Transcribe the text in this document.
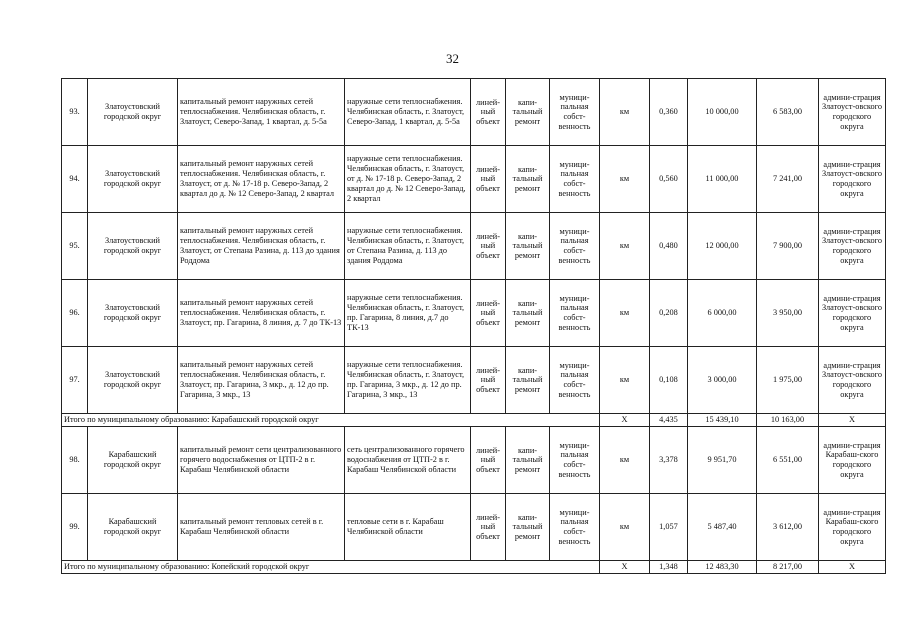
32
93.	Златоустовский городской округ	капитальный ремонт наружных сетей теплоснабжения. Челябинская область, г. Златоуст, Северо-Запад, 1 квартал, д. 5-5а	наружные сети теплоснабжения. Челябинская область, г. Златоуст, Северо-Запад, 1 квартал, д. 5-5а	линей-ный объект	капи-тальный ремонт	муници-пальная собст-венность	км	0,360	10 000,00	6 583,00	админи-страция Златоуст-овского городского округа
94.	Златоустовский городской округ	капитальный ремонт наружных сетей теплоснабжения. Челябинская область, г. Златоуст, от д. № 17-18 р. Северо-Запад, 2 квартал до д. № 12 Северо-Запад, 2 квартал	наружные сети теплоснабжения. Челябинская область, г. Златоуст, от д. № 17-18 р. Северо-Запад, 2 квартал до д. № 12 Северо-Запад, 2 квартал	линей-ный объект	капи-тальный ремонт	муници-пальная собст-венность	км	0,560	11 000,00	7 241,00	админи-страция Златоуст-овского городского округа
95.	Златоустовский городской округ	капитальный ремонт наружных сетей теплоснабжения. Челябинская область, г. Златоуст, от Степана Разина, д. 113 до здания Роддома	наружные сети теплоснабжения. Челябинская область, г. Златоуст, от Степана Разина, д. 113 до здания Роддома	линей-ный объект	капи-тальный ремонт	муници-пальная собст-венность	км	0,480	12 000,00	7 900,00	админи-страция Златоуст-овского городского округа
96.	Златоустовский городской округ	капитальный ремонт наружных сетей теплоснабжения. Челябинская область, г. Златоуст, пр. Гагарина, 8 линия, д. 7 до ТК-13	наружные сети теплоснабжения. Челябинская область, г. Златоуст, пр. Гагарина, 8 линия, д.7 до ТК-13	линей-ный объект	капи-тальный ремонт	муници-пальная собст-венность	км	0,208	6 000,00	3 950,00	админи-страция Златоуст-овского городского округа
97.	Златоустовский городской округ	капитальный ремонт наружных сетей теплоснабжения. Челябинская область, г. Златоуст, пр. Гагарина, 3 мкр., д. 12 до пр. Гагарина, 3 мкр., 13	наружные сети теплоснабжения. Челябинская область, г. Златоуст, пр. Гагарина, 3 мкр., д. 12 до пр. Гагарина, 3 мкр., 13	линей-ный объект	капи-тальный ремонт	муници-пальная собст-венность	км	0,108	3 000,00	1 975,00	админи-страция Златоуст-овского городского округа
Итого по муниципальному образованию: Карабашский городской округ							X	4,435	15 439,10	10 163,00	X
98.	Карабашский городской округ	капитальный ремонт сети централизованного горячего водоснабжения от ЦТП-2 в г. Карабаш Челябинской области	сеть централизованного горячего водоснабжения от ЦТП-2 в г. Карабаш Челябинской области	линей-ный объект	капи-тальный ремонт	муници-пальная собст-венность	км	3,378	9 951,70	6 551,00	админи-страция Карабаш-ского городского округа
99.	Карабашский городской округ	капитальный ремонт тепловых сетей в г. Карабаш Челябинской области	тепловые сети в г. Карабаш Челябинской области	линей-ный объект	капи-тальный ремонт	муници-пальная собст-венность	км	1,057	5 487,40	3 612,00	админи-страция Карабаш-ского городского округа
Итого по муниципальному образованию: Копейский городской округ							X	1,348	12 483,30	8 217,00	X
